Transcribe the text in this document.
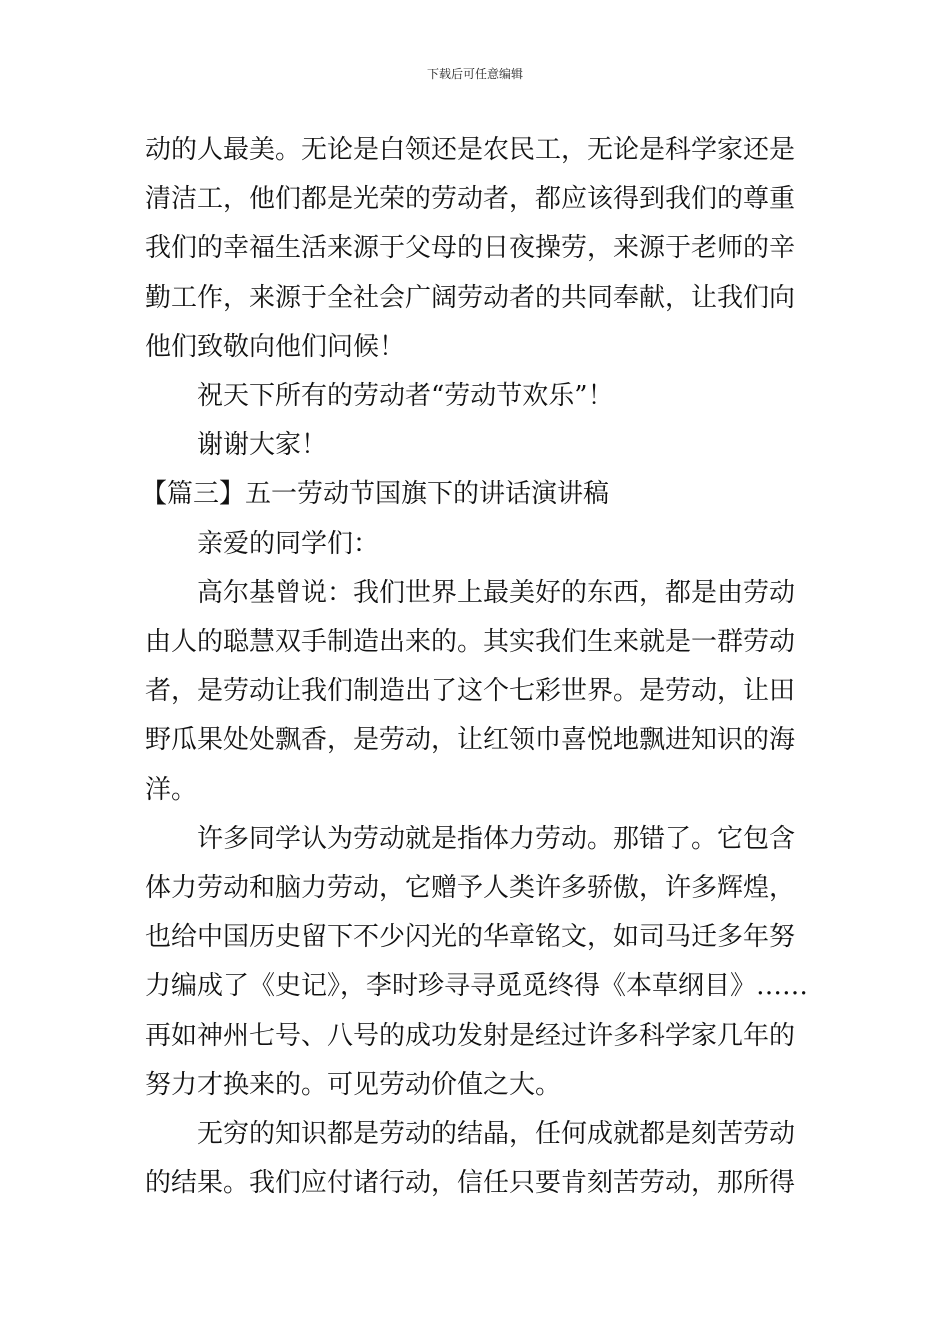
下载后可任意编辑

动的人最美。无论是白领还是农民工，无论是科学家还是清洁工，他们都是光荣的劳动者，都应该得到我们的尊重我们的幸福生活来源于父母的日夜操劳，来源于老师的辛勤工作，来源于全社会广阔劳动者的共同奉献，让我们向他们致敬向他们问候！

祝天下所有的劳动者“劳动节欢乐”！

谢谢大家！

【篇三】五一劳动节国旗下的讲话演讲稿

亲爱的同学们：

高尔基曾说：我们世界上最美好的东西，都是由劳动由人的聪慧双手制造出来的。其实我们生来就是一群劳动者，是劳动让我们制造出了这个七彩世界。是劳动，让田野瓜果处处飘香，是劳动，让红领巾喜悦地飘进知识的海洋。

许多同学认为劳动就是指体力劳动。那错了。它包含体力劳动和脑力劳动，它赠予人类许多骄傲，许多辉煌，也给中国历史留下不少闪光的华章铭文，如司马迁多年努力编成了《史记》，李时珍寻寻觅觅终得《本草纲目》……再如神州七号、八号的成功发射是经过许多科学家几年的努力才换来的。可见劳动价值之大。

无穷的知识都是劳动的结晶，任何成就都是刻苦劳动的结果。我们应付诸行动，信任只要肯刻苦劳动，那所得
